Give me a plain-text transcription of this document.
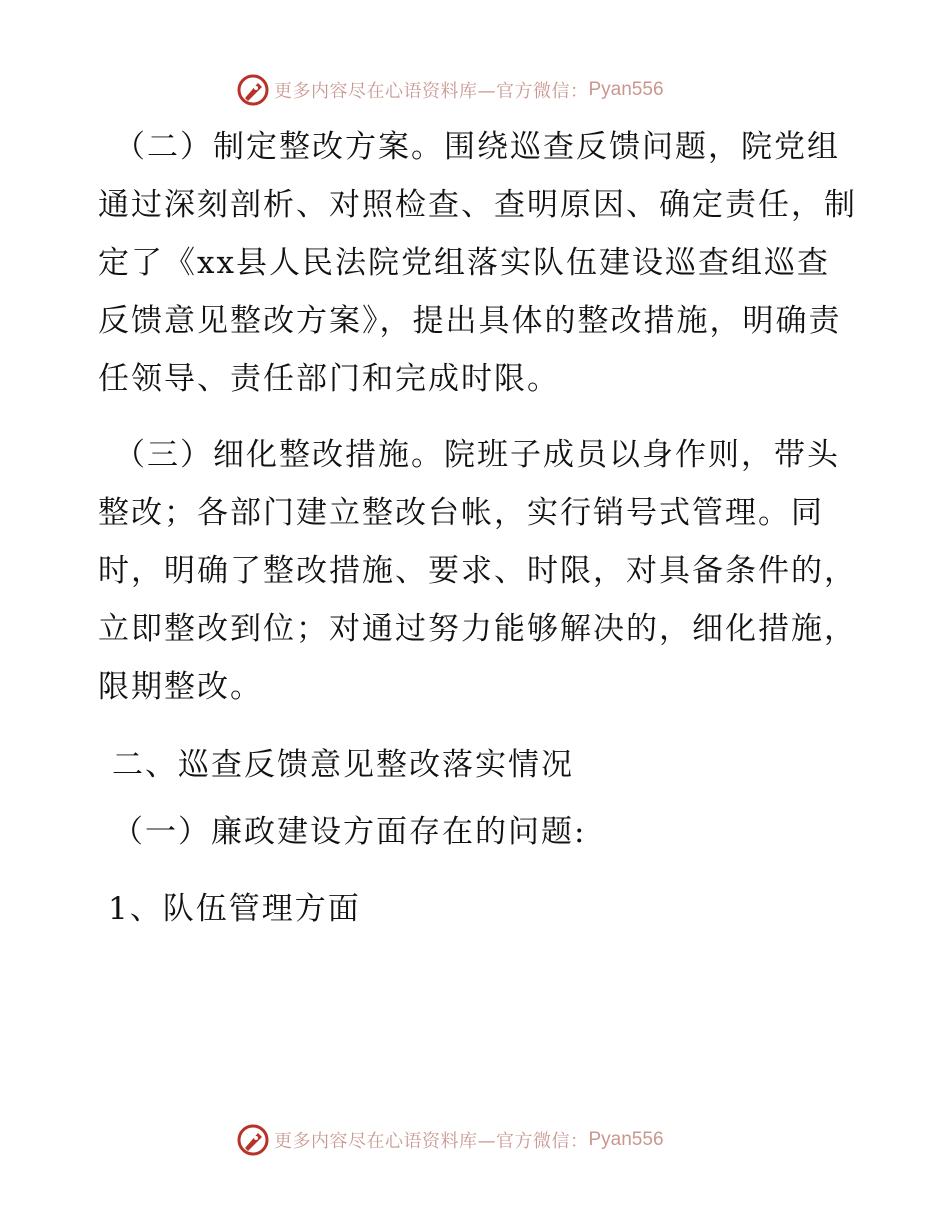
更多内容尽在心语资料库—官方微信： Pyan556

（二）制定整改方案。围绕巡查反馈问题，院党组通过深刻剖析、对照检查、查明原因、确定责任，制定了《xx县人民法院党组落实队伍建设巡查组巡查反馈意见整改方案》，提出具体的整改措施，明确责任领导、责任部门和完成时限。

（三）细化整改措施。院班子成员以身作则，带头整改；各部门建立整改台帐，实行销号式管理。同时，明确了整改措施、要求、时限，对具备条件的，立即整改到位；对通过努力能够解决的，细化措施，限期整改。

二、巡查反馈意见整改落实情况

（一）廉政建设方面存在的问题:

1、队伍管理方面

更多内容尽在心语资料库—官方微信： Pyan556
